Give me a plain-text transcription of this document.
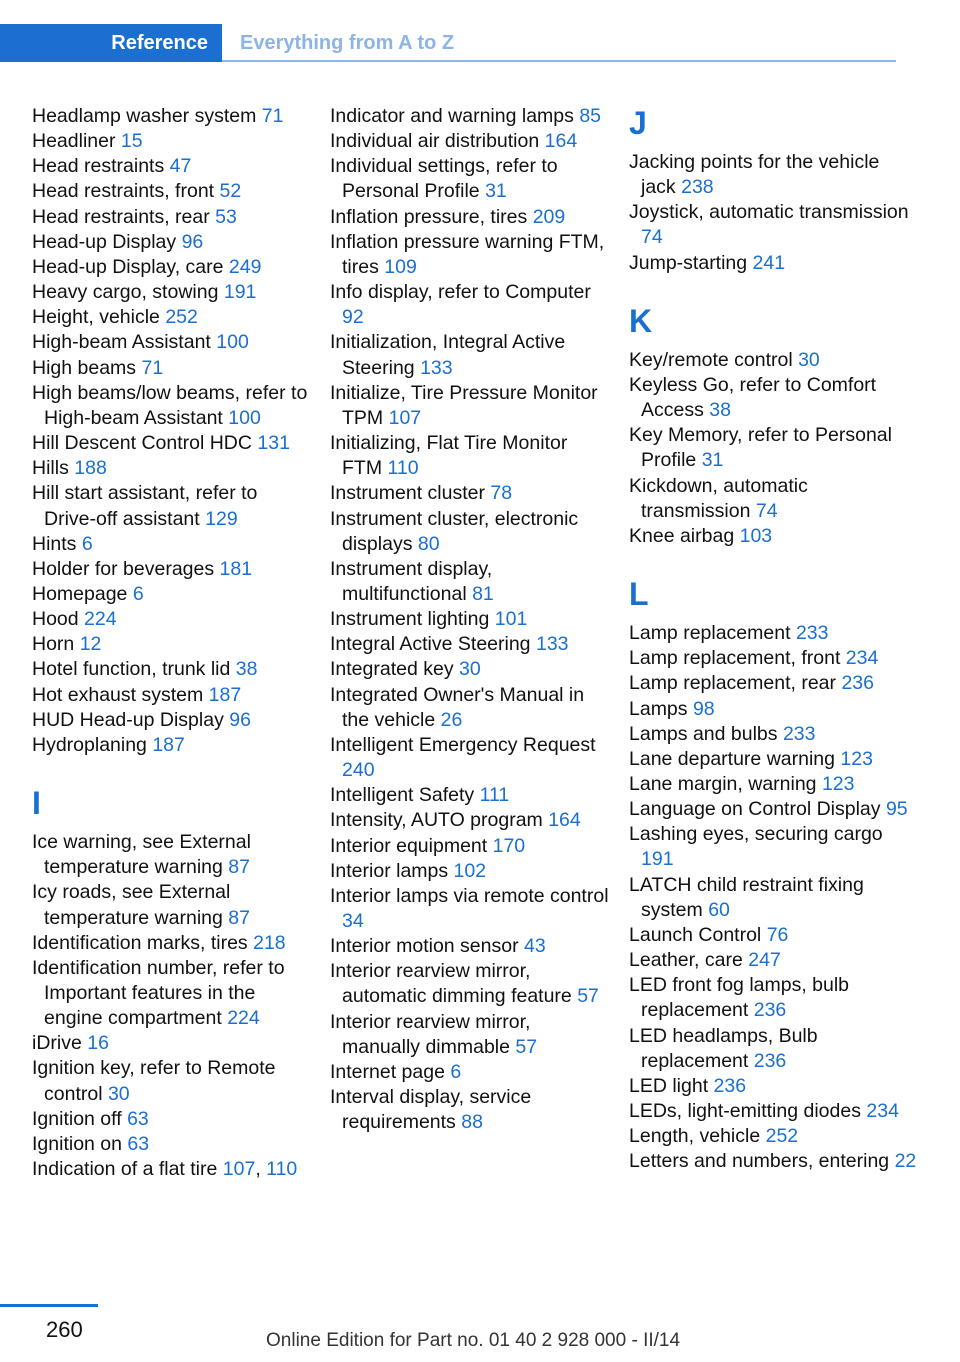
Reference	Everything from A to Z
Headlamp washer system 71
Headliner 15
Head restraints 47
Head restraints, front 52
Head restraints, rear 53
Head-up Display 96
Head-up Display, care 249
Heavy cargo, stowing 191
Height, vehicle 252
High-beam Assistant 100
High beams 71
High beams/low beams, refer to High-beam Assistant 100
Hill Descent Control HDC 131
Hills 188
Hill start assistant, refer to Drive-off assistant 129
Hints 6
Holder for beverages 181
Homepage 6
Hood 224
Horn 12
Hotel function, trunk lid 38
Hot exhaust system 187
HUD Head-up Display 96
Hydroplaning 187
I
Ice warning, see External temperature warning 87
Icy roads, see External temperature warning 87
Identification marks, tires 218
Identification number, refer to Important features in the engine compartment 224
iDrive 16
Ignition key, refer to Remote control 30
Ignition off 63
Ignition on 63
Indication of a flat tire 107, 110
Indicator and warning lamps 85
Individual air distribution 164
Individual settings, refer to Personal Profile 31
Inflation pressure, tires 209
Inflation pressure warning FTM, tires 109
Info display, refer to Computer 92
Initialization, Integral Active Steering 133
Initialize, Tire Pressure Monitor TPM 107
Initializing, Flat Tire Monitor FTM 110
Instrument cluster 78
Instrument cluster, electronic displays 80
Instrument display, multifunctional 81
Instrument lighting 101
Integral Active Steering 133
Integrated key 30
Integrated Owner's Manual in the vehicle 26
Intelligent Emergency Request 240
Intelligent Safety 111
Intensity, AUTO program 164
Interior equipment 170
Interior lamps 102
Interior lamps via remote control 34
Interior motion sensor 43
Interior rearview mirror, automatic dimming feature 57
Interior rearview mirror, manually dimmable 57
Internet page 6
Interval display, service requirements 88
J
Jacking points for the vehicle jack 238
Joystick, automatic transmission 74
Jump-starting 241
K
Key/remote control 30
Keyless Go, refer to Comfort Access 38
Key Memory, refer to Personal Profile 31
Kickdown, automatic transmission 74
Knee airbag 103
L
Lamp replacement 233
Lamp replacement, front 234
Lamp replacement, rear 236
Lamps 98
Lamps and bulbs 233
Lane departure warning 123
Lane margin, warning 123
Language on Control Display 95
Lashing eyes, securing cargo 191
LATCH child restraint fixing system 60
Launch Control 76
Leather, care 247
LED front fog lamps, bulb replacement 236
LED headlamps, Bulb replacement 236
LED light 236
LEDs, light-emitting diodes 234
Length, vehicle 252
Letters and numbers, entering 22
260	Online Edition for Part no. 01 40 2 928 000 - II/14
